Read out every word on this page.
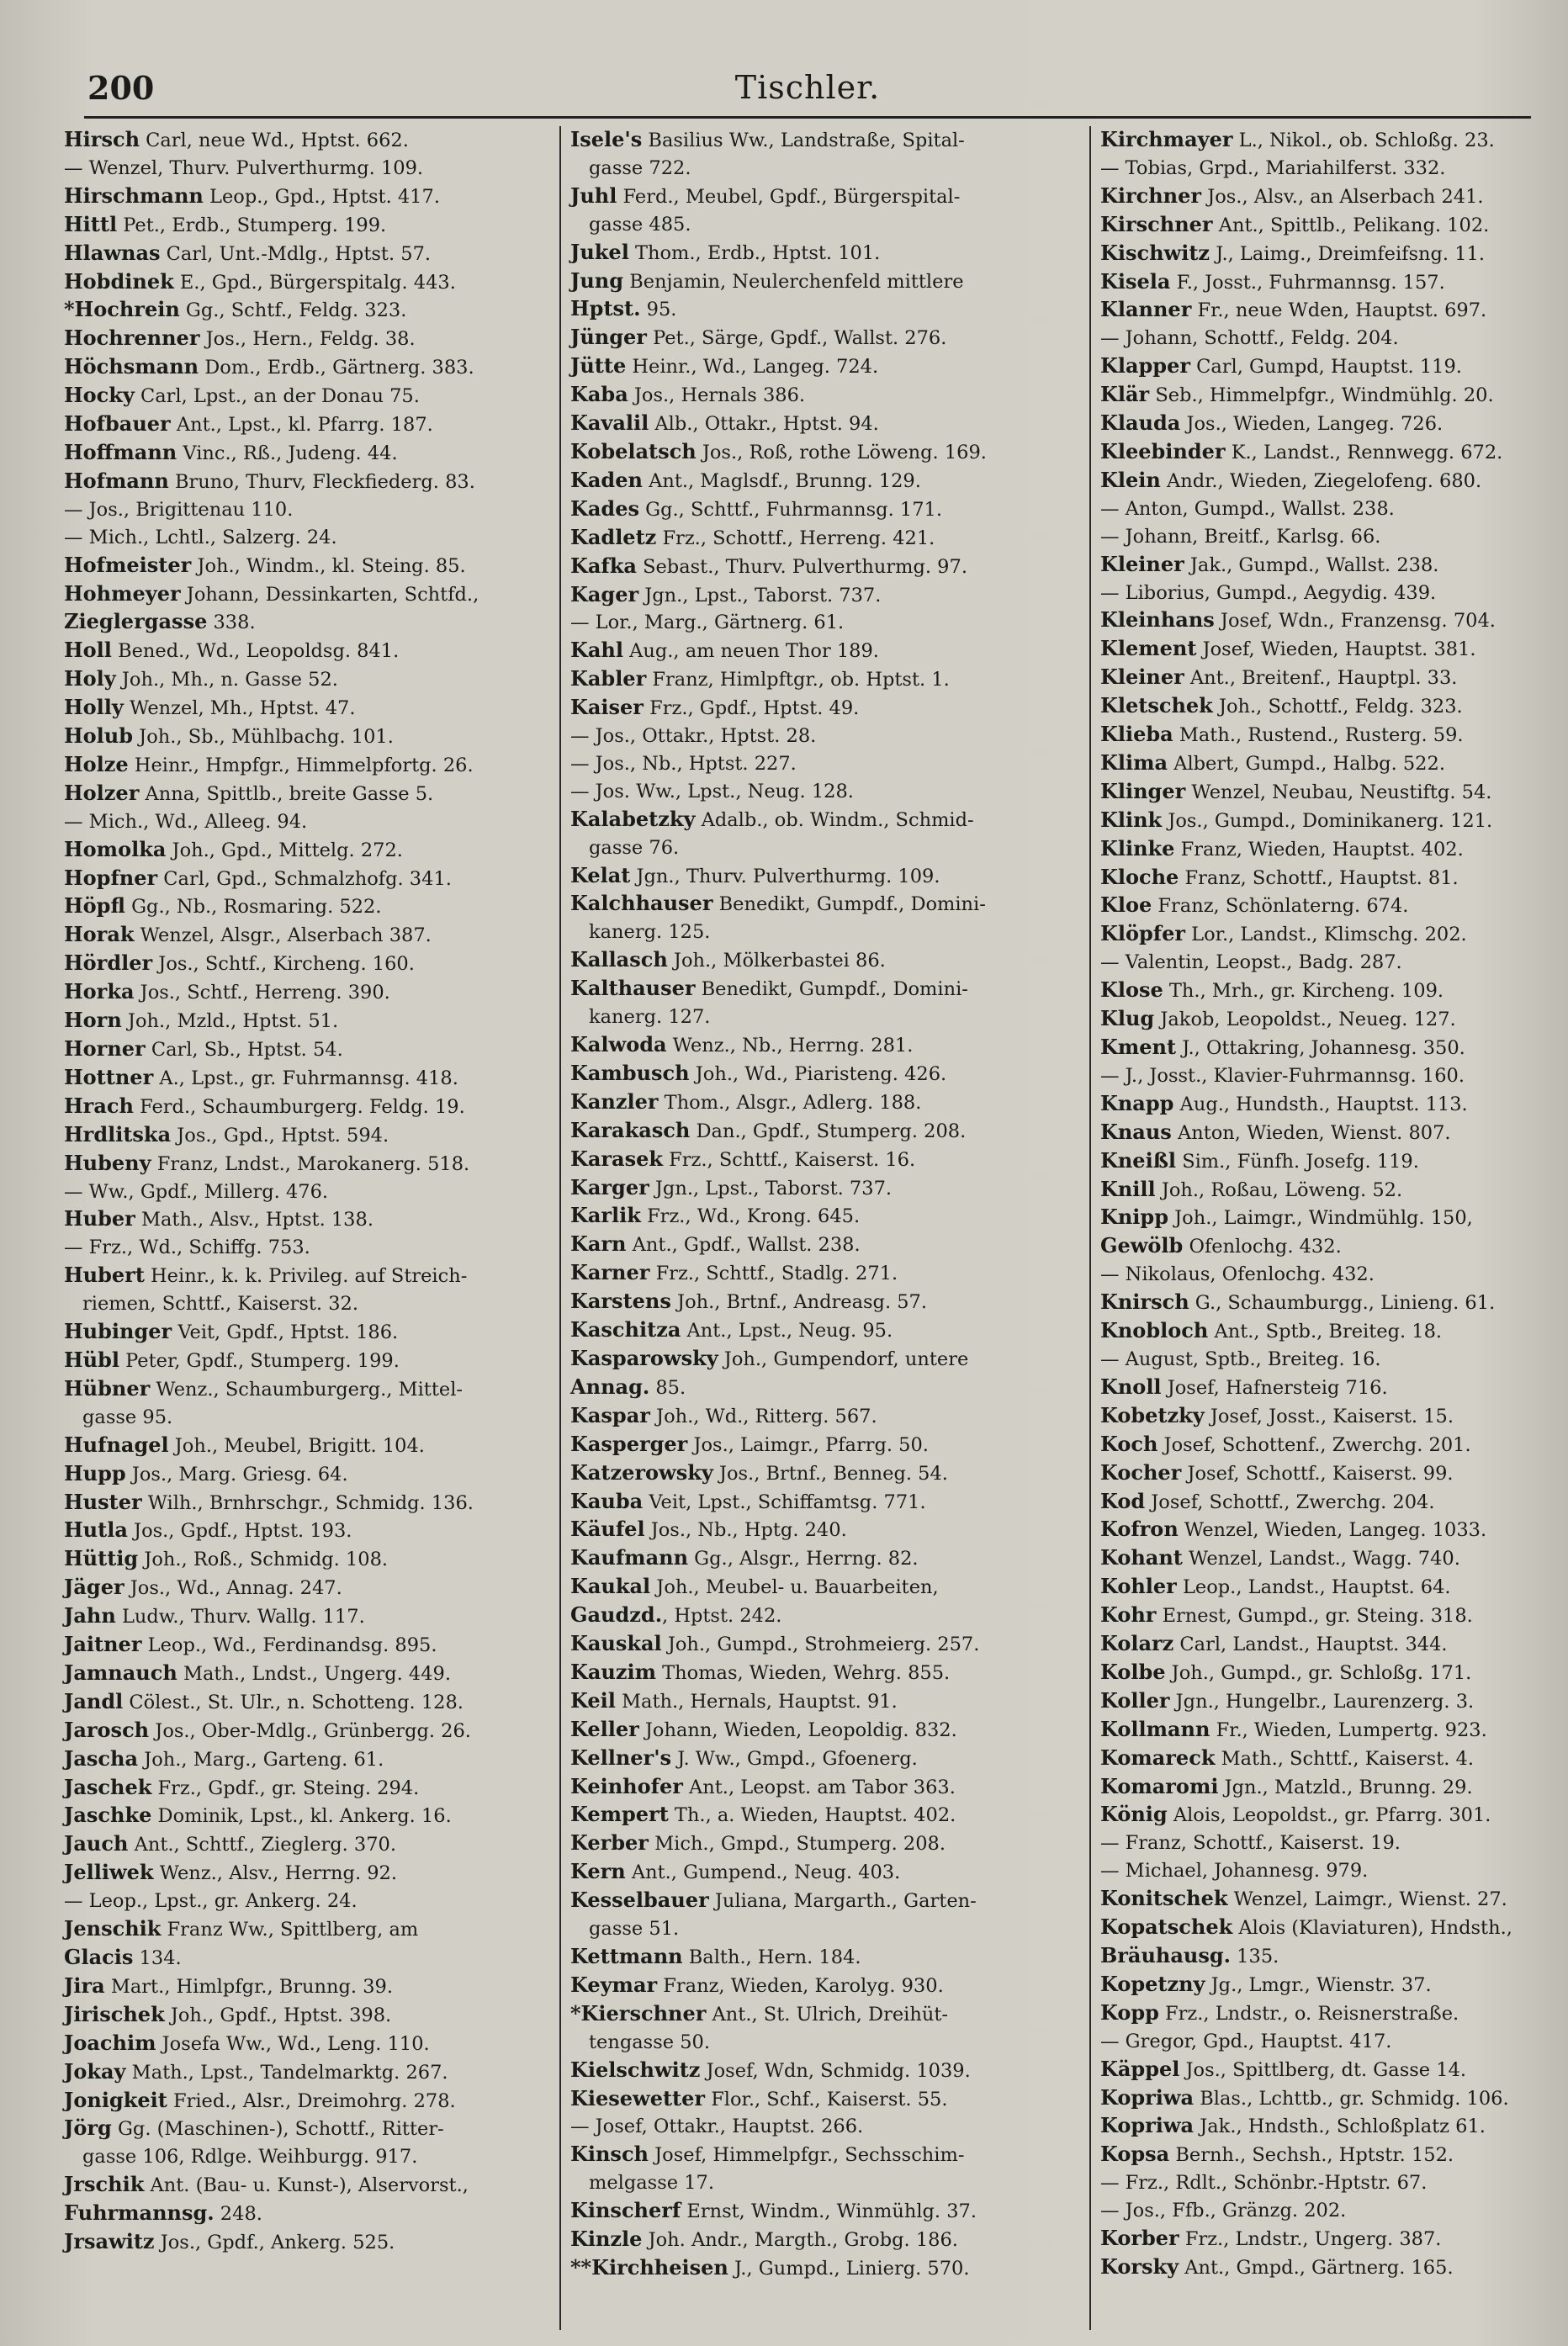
200	Tischler.
Hirsch Carl, neue Wd., Hptst. 662.
— Wenzel, Thurv. Pulverthurmg. 109.
Hirschmann Leop., Gpd., Hptst. 417.
Hittl Pet., Erdb., Stumperg. 199.
Hlawnas Carl, Unt.-Mdlg., Hptst. 57.
Hobdinek E., Gpd., Bürgerspitalg. 443.
*Hochrein Gg., Schtf., Feldg. 323.
Hochrenner Jos., Hern., Feldg. 38.
Höchsmann Dom., Erdb., Gärtnerg. 383.
Hocky Carl, Lpst., an der Donau 75.
Hofbauer Ant., Lpst., kl. Pfarrg. 187.
Hoffmann Vinc., Rß., Judeng. 44.
Hofmann Bruno, Thurv, Fleckfiederg. 83.
— Jos., Brigittenau 110.
— Mich., Lchtl., Salzerg. 24.
Hofmeister Joh., Windm., kl. Steing. 85.
Hohmeyer Johann, Dessinkarten, Schtfd.,
Zieglergasse 338.
Holl Bened., Wd., Leopoldsg. 841.
Holy Joh., Mh., n. Gasse 52.
Holly Wenzel, Mh., Hptst. 47.
Holub Joh., Sb., Mühlbachg. 101.
Holze Heinr., Hmpfgr., Himmelpfortg. 26.
Holzer Anna, Spittlb., breite Gasse 5.
— Mich., Wd., Alleeg. 94.
Homolka Joh., Gpd., Mittelg. 272.
Hopfner Carl, Gpd., Schmalzhofg. 341.
Höpfl Gg., Nb., Rosmaring. 522.
Horak Wenzel, Alsgr., Alserbach 387.
Hördler Jos., Schtf., Kircheng. 160.
Horka Jos., Schtf., Herreng. 390.
Horn Joh., Mzld., Hptst. 51.
Horner Carl, Sb., Hptst. 54.
Hottner A., Lpst., gr. Fuhrmannsg. 418.
Hrach Ferd., Schaumburgerg. Feldg. 19.
Hrdlitska Jos., Gpd., Hptst. 594.
Hubeny Franz, Lndst., Marokanerg. 518.
— Ww., Gpdf., Millerg. 476.
Huber Math., Alsv., Hptst. 138.
— Frz., Wd., Schiffg. 753.
Hubert Heinr., k. k. Privileg. auf Streich-
riemen, Schttf., Kaiserst. 32.
Hubinger Veit, Gpdf., Hptst. 186.
Hübl Peter, Gpdf., Stumperg. 199.
Hübner Wenz., Schaumburgerg., Mittel-
gasse 95.
Hufnagel Joh., Meubel, Brigitt. 104.
Hupp Jos., Marg. Griesg. 64.
Huster Wilh., Brnhrschgr., Schmidg. 136.
Hutla Jos., Gpdf., Hptst. 193.
Hüttig Joh., Roß., Schmidg. 108.
Jäger Jos., Wd., Annag. 247.
Jahn Ludw., Thurv. Wallg. 117.
Jaitner Leop., Wd., Ferdinandsg. 895.
Jamnauch Math., Lndst., Ungerg. 449.
Jandl Cölest., St. Ulr., n. Schotteng. 128.
Jarosch Jos., Ober-Mdlg., Grünbergg. 26.
Jascha Joh., Marg., Garteng. 61.
Jaschek Frz., Gpdf., gr. Steing. 294.
Jaschke Dominik, Lpst., kl. Ankerg. 16.
Jauch Ant., Schttf., Zieglerg. 370.
Jelliwek Wenz., Alsv., Herrng. 92.
— Leop., Lpst., gr. Ankerg. 24.
Jenschik Franz Ww., Spittlberg, am
Glacis 134.
Jira Mart., Himlpfgr., Brunng. 39.
Jirischek Joh., Gpdf., Hptst. 398.
Joachim Josefa Ww., Wd., Leng. 110.
Jokay Math., Lpst., Tandelmarktg. 267.
Jonigkeit Fried., Alsr., Dreimohrg. 278.
Jörg Gg. (Maschinen-), Schottf., Ritter-
gasse 106, Rdlge. Weihburgg. 917.
Jrschik Ant. (Bau- u. Kunst-), Alservorst.,
Fuhrmannsg. 248.
Jrsawitz Jos., Gpdf., Ankerg. 525.
Isele's Basilius Ww., Landstraße, Spital-
gasse 722.
Juhl Ferd., Meubel, Gpdf., Bürgerspital-
gasse 485.
Jukel Thom., Erdb., Hptst. 101.
Jung Benjamin, Neulerchenfeld mittlere
Hptst. 95.
Jünger Pet., Särge, Gpdf., Wallst. 276.
Jütte Heinr., Wd., Langeg. 724.
Kaba Jos., Hernals 386.
Kavalil Alb., Ottakr., Hptst. 94.
Kobelatsch Jos., Roß, rothe Löweng. 169.
Kaden Ant., Maglsdf., Brunng. 129.
Kades Gg., Schttf., Fuhrmannsg. 171.
Kadletz Frz., Schottf., Herreng. 421.
Kafka Sebast., Thurv. Pulverthurmg. 97.
Kager Jgn., Lpst., Taborst. 737.
— Lor., Marg., Gärtnerg. 61.
Kahl Aug., am neuen Thor 189.
Kabler Franz, Himlpftgr., ob. Hptst. 1.
Kaiser Frz., Gpdf., Hptst. 49.
— Jos., Ottakr., Hptst. 28.
— Jos., Nb., Hptst. 227.
— Jos. Ww., Lpst., Neug. 128.
Kalabetzky Adalb., ob. Windm., Schmid-
gasse 76.
Kelat Jgn., Thurv. Pulverthurmg. 109.
Kalchhauser Benedikt, Gumpdf., Domini-
kanerg. 125.
Kallasch Joh., Mölkerbastei 86.
Kalthauser Benedikt, Gumpdf., Domini-
kanerg. 127.
Kalwoda Wenz., Nb., Herrng. 281.
Kambusch Joh., Wd., Piaristeng. 426.
Kanzler Thom., Alsgr., Adlerg. 188.
Karakasch Dan., Gpdf., Stumperg. 208.
Karasek Frz., Schttf., Kaiserst. 16.
Karger Jgn., Lpst., Taborst. 737.
Karlik Frz., Wd., Krong. 645.
Karn Ant., Gpdf., Wallst. 238.
Karner Frz., Schttf., Stadlg. 271.
Karstens Joh., Brtnf., Andreasg. 57.
Kaschitza Ant., Lpst., Neug. 95.
Kasparowsky Joh., Gumpendorf, untere
Annag. 85.
Kaspar Joh., Wd., Ritterg. 567.
Kasperger Jos., Laimgr., Pfarrg. 50.
Katzerowsky Jos., Brtnf., Benneg. 54.
Kauba Veit, Lpst., Schiffamtsg. 771.
Käufel Jos., Nb., Hptg. 240.
Kaufmann Gg., Alsgr., Herrng. 82.
Kaukal Joh., Meubel- u. Bauarbeiten,
Gaudzd., Hptst. 242.
Kauskal Joh., Gumpd., Strohmeierg. 257.
Kauzim Thomas, Wieden, Wehrg. 855.
Keil Math., Hernals, Hauptst. 91.
Keller Johann, Wieden, Leopoldig. 832.
Kellner's J. Ww., Gmpd., Gfoenerg.
Keinhofer Ant., Leopst. am Tabor 363.
Kempert Th., a. Wieden, Hauptst. 402.
Kerber Mich., Gmpd., Stumperg. 208.
Kern Ant., Gumpend., Neug. 403.
Kesselbauer Juliana, Margarth., Garten-
gasse 51.
Kettmann Balth., Hern. 184.
Keymar Franz, Wieden, Karolyg. 930.
*Kierschner Ant., St. Ulrich, Dreihüt-
tengasse 50.
Kielschwitz Josef, Wdn, Schmidg. 1039.
Kiesewetter Flor., Schf., Kaiserst. 55.
— Josef, Ottakr., Hauptst. 266.
Kinsch Josef, Himmelpfgr., Sechsschim-
melgasse 17.
Kinscherf Ernst, Windm., Winmühlg. 37.
Kinzle Joh. Andr., Margth., Grobg. 186.
**Kirchheisen J., Gumpd., Linierg. 570.
Kirchmayer L., Nikol., ob. Schloßg. 23.
— Tobias, Grpd., Mariahilferst. 332.
Kirchner Jos., Alsv., an Alserbach 241.
Kirschner Ant., Spittlb., Pelikang. 102.
Kischwitz J., Laimg., Dreimfeifsng. 11.
Kisela F., Josst., Fuhrmannsg. 157.
Klanner Fr., neue Wden, Hauptst. 697.
— Johann, Schottf., Feldg. 204.
Klapper Carl, Gumpd, Hauptst. 119.
Klär Seb., Himmelpfgr., Windmühlg. 20.
Klauda Jos., Wieden, Langeg. 726.
Kleebinder K., Landst., Rennwegg. 672.
Klein Andr., Wieden, Ziegelofeng. 680.
— Anton, Gumpd., Wallst. 238.
— Johann, Breitf., Karlsg. 66.
Kleiner Jak., Gumpd., Wallst. 238.
— Liborius, Gumpd., Aegydig. 439.
Kleinhans Josef, Wdn., Franzensg. 704.
Klement Josef, Wieden, Hauptst. 381.
Kleiner Ant., Breitenf., Hauptpl. 33.
Kletschek Joh., Schottf., Feldg. 323.
Klieba Math., Rustend., Rusterg. 59.
Klima Albert, Gumpd., Halbg. 522.
Klinger Wenzel, Neubau, Neustiftg. 54.
Klink Jos., Gumpd., Dominikanerg. 121.
Klinke Franz, Wieden, Hauptst. 402.
Kloche Franz, Schottf., Hauptst. 81.
Kloe Franz, Schönlaterng. 674.
Klöpfer Lor., Landst., Klimschg. 202.
— Valentin, Leopst., Badg. 287.
Klose Th., Mrh., gr. Kircheng. 109.
Klug Jakob, Leopoldst., Neueg. 127.
Kment J., Ottakring, Johannesg. 350.
— J., Josst., Klavier-Fuhrmannsg. 160.
Knapp Aug., Hundsth., Hauptst. 113.
Knaus Anton, Wieden, Wienst. 807.
Kneißl Sim., Fünfh. Josefg. 119.
Knill Joh., Roßau, Löweng. 52.
Knipp Joh., Laimgr., Windmühlg. 150,
Gewölb Ofenlochg. 432.
— Nikolaus, Ofenlochg. 432.
Knirsch G., Schaumburgg., Linieng. 61.
Knobloch Ant., Sptb., Breiteg. 18.
— August, Sptb., Breiteg. 16.
Knoll Josef, Hafnersteig 716.
Kobetzky Josef, Josst., Kaiserst. 15.
Koch Josef, Schottenf., Zwerchg. 201.
Kocher Josef, Schottf., Kaiserst. 99.
Kod Josef, Schottf., Zwerchg. 204.
Kofron Wenzel, Wieden, Langeg. 1033.
Kohant Wenzel, Landst., Wagg. 740.
Kohler Leop., Landst., Hauptst. 64.
Kohr Ernest, Gumpd., gr. Steing. 318.
Kolarz Carl, Landst., Hauptst. 344.
Kolbe Joh., Gumpd., gr. Schloßg. 171.
Koller Jgn., Hungelbr., Laurenzerg. 3.
Kollmann Fr., Wieden, Lumpertg. 923.
Komareck Math., Schttf., Kaiserst. 4.
Komaromi Jgn., Matzld., Brunng. 29.
König Alois, Leopoldst., gr. Pfarrg. 301.
— Franz, Schottf., Kaiserst. 19.
— Michael, Johannesg. 979.
Konitschek Wenzel, Laimgr., Wienst. 27.
Kopatschek Alois (Klaviaturen), Hndsth.,
Bräuhausg. 135.
Kopetzny Jg., Lmgr., Wienstr. 37.
Kopp Frz., Lndstr., o. Reisnerstraße.
— Gregor, Gpd., Hauptst. 417.
Käppel Jos., Spittlberg, dt. Gasse 14.
Kopriwa Blas., Lchttb., gr. Schmidg. 106.
Kopriwa Jak., Hndsth., Schloßplatz 61.
Kopsa Bernh., Sechsh., Hptstr. 152.
— Frz., Rdlt., Schönbr.-Hptstr. 67.
— Jos., Ffb., Gränzg. 202.
Korber Frz., Lndstr., Ungerg. 387.
Korsky Ant., Gmpd., Gärtnerg. 165.
